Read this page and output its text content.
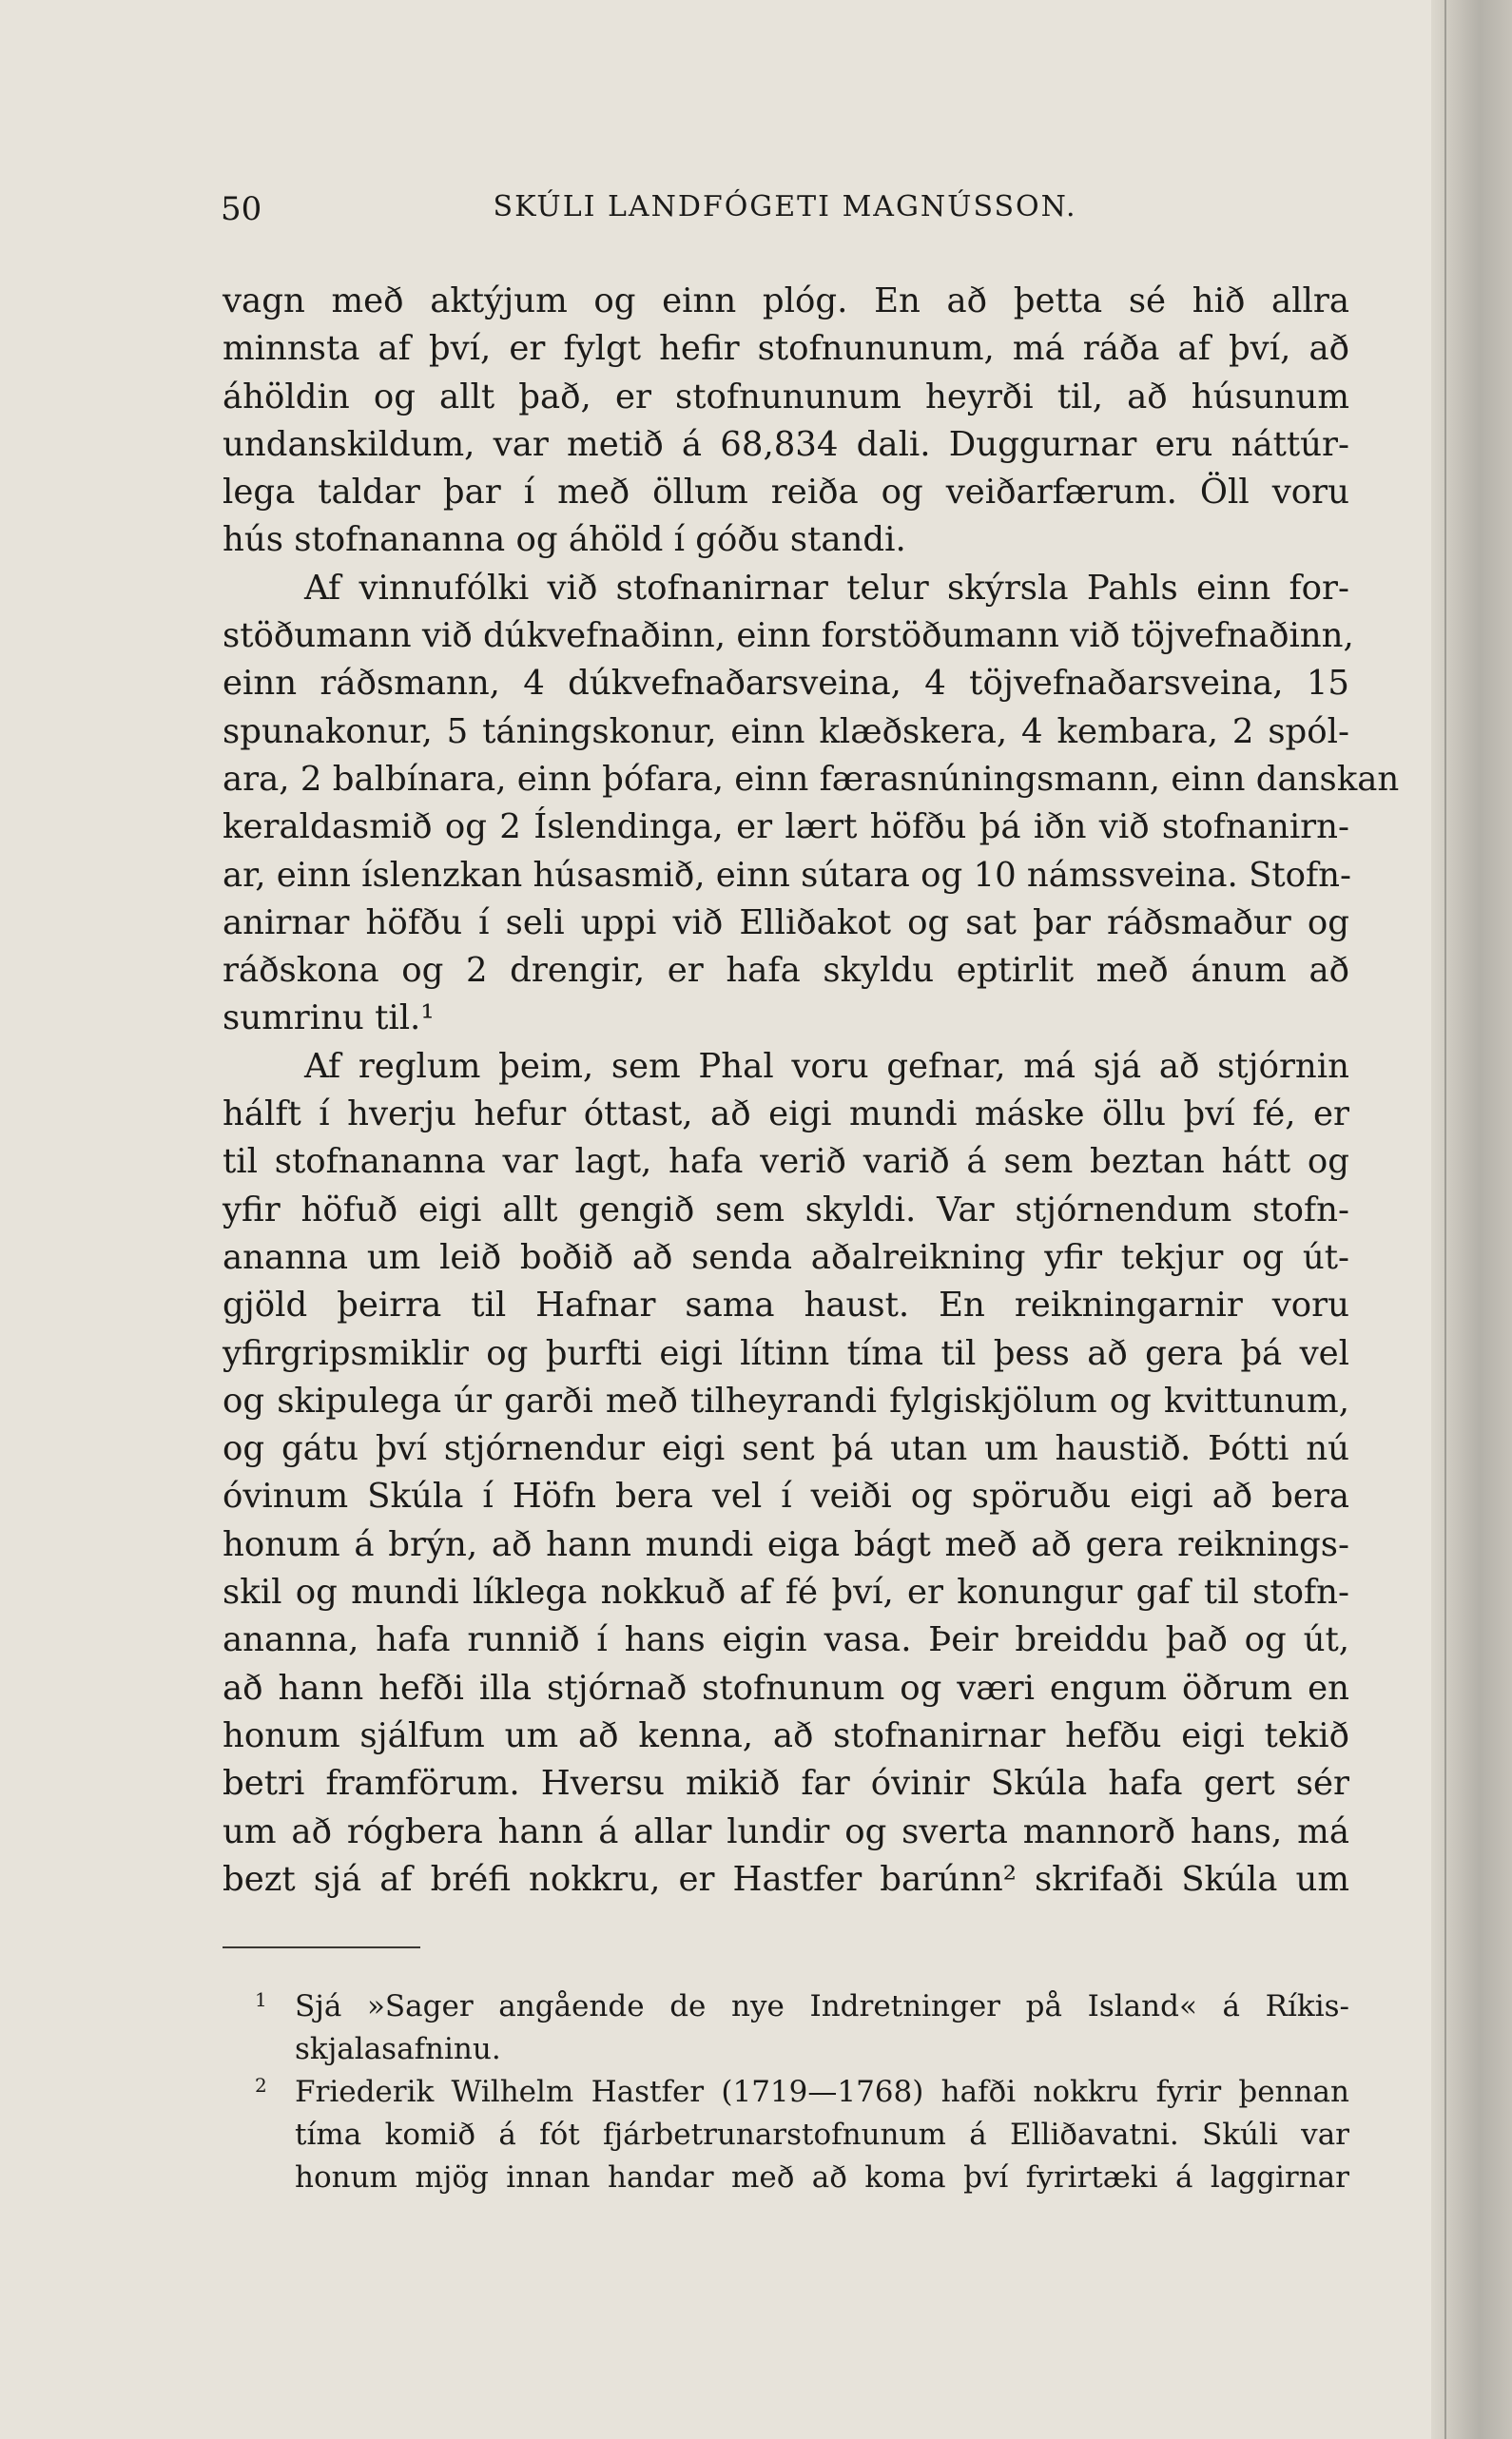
50	SKÚLI LANDFÓGETI MAGNÚSSON.
vagn með aktýjum og einn plóg. En að þetta sé hið allra
minnsta af því, er fylgt hefir stofnununum, má ráða af því, að
áhöldin og allt það, er stofnununum heyrði til, að húsunum
undanskildum, var metið á 68,834 dali. Duggurnar eru náttúr-
lega taldar þar í með öllum reiða og veiðarfærum. Öll voru
hús stofnananna og áhöld í góðu standi.
Af vinnufólki við stofnanirnar telur skýrsla Pahls einn for-
stöðumann við dúkvefnaðinn, einn forstöðumann við töjvefnaðinn,
einn ráðsmann, 4 dúkvefnaðarsveina, 4 töjvefnaðarsveina, 15
spunakonur, 5 táningskonur, einn klæðskera, 4 kembara, 2 spól-
ara, 2 balbínara, einn þófara, einn færasnúningsmann, einn danskan
keraldasmið og 2 Íslendinga, er lært höfðu þá iðn við stofnanirn-
ar, einn íslenzkan húsasmið, einn sútara og 10 námssveina. Stofn-
anirnar höfðu í seli uppi við Elliðakot og sat þar ráðsmaður og
ráðskona og 2 drengir, er hafa skyldu eptirlit með ánum að
sumrinu til.¹
Af reglum þeim, sem Phal voru gefnar, má sjá að stjórnin
hálft í hverju hefur óttast, að eigi mundi máske öllu því fé, er
til stofnananna var lagt, hafa verið varið á sem beztan hátt og
yfir höfuð eigi allt gengið sem skyldi. Var stjórnendum stofn-
ananna um leið boðið að senda aðalreikning yfir tekjur og út-
gjöld þeirra til Hafnar sama haust. En reikningarnir voru
yfirgripsmiklir og þurfti eigi lítinn tíma til þess að gera þá vel
og skipulega úr garði með tilheyrandi fylgiskjölum og kvittunum,
og gátu því stjórnendur eigi sent þá utan um haustið. Þótti nú
óvinum Skúla í Höfn bera vel í veiði og spöruðu eigi að bera
honum á brýn, að hann mundi eiga bágt með að gera reiknings-
skil og mundi líklega nokkuð af fé því, er konungur gaf til stofn-
ananna, hafa runnið í hans eigin vasa. Þeir breiddu það og út,
að hann hefði illa stjórnað stofnunum og væri engum öðrum en
honum sjálfum um að kenna, að stofnanirnar hefðu eigi tekið
betri framförum. Hversu mikið far óvinir Skúla hafa gert sér
um að rógbera hann á allar lundir og sverta mannorð hans, má
bezt sjá af bréfi nokkru, er Hastfer barúnn² skrifaði Skúla um
1 Sjá »Sager angående de nye Indretninger på Island« á Ríkis-
skjalasafninu.
2 Friederik Wilhelm Hastfer (1719—1768) hafði nokkru fyrir þennan
tíma komið á fót fjárbetrunarstofnunum á Elliðavatni. Skúli var
honum mjög innan handar með að koma því fyrirtæki á laggirnar
